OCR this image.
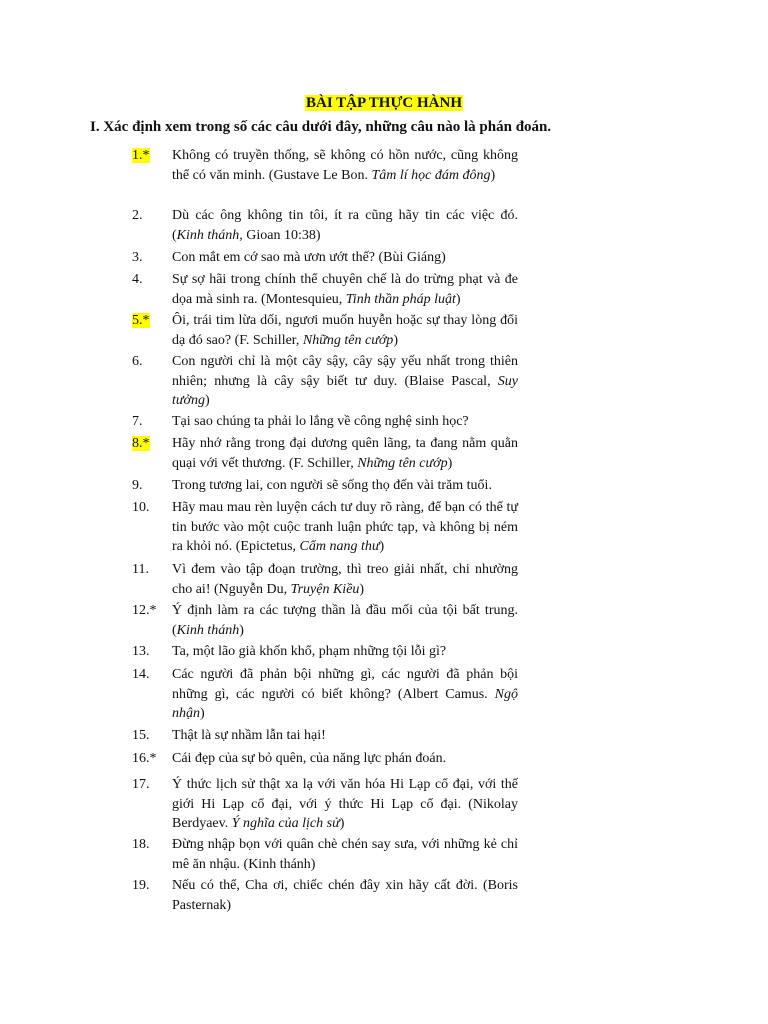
BÀI TẬP THỰC HÀNH
I. Xác định xem trong số các câu dưới đây, những câu nào là phán đoán.
1.* Không có truyền thống, sẽ không có hồn nước, cũng không thể có văn minh. (Gustave Le Bon. Tâm lí học đám đông)
2. Dù các ông không tin tôi, ít ra cũng hãy tin các việc đó. (Kinh thánh, Gioan 10:38)
3. Con mắt em cớ sao mà ươn ướt thế? (Bùi Giáng)
4. Sự sợ hãi trong chính thể chuyên chế là do trừng phạt và đe dọa mà sinh ra. (Montesquieu, Tinh thần pháp luật)
5.* Ôi, trái tim lừa dối, ngươi muốn huyễn hoặc sự thay lòng đổi dạ đó sao? (F. Schiller, Những tên cướp)
6. Con người chỉ là một cây sậy, cây sậy yếu nhất trong thiên nhiên; nhưng là cây sậy biết tư duy. (Blaise Pascal, Suy tưởng)
7. Tại sao chúng ta phải lo lắng về công nghệ sinh học?
8.* Hãy nhớ rằng trong đại dương quên lãng, ta đang nằm quằn quại với vết thương. (F. Schiller, Những tên cướp)
9. Trong tương lai, con người sẽ sống thọ đến vài trăm tuổi.
10. Hãy mau mau rèn luyện cách tư duy rõ ràng, để bạn có thể tự tin bước vào một cuộc tranh luận phức tạp, và không bị ném ra khỏi nó. (Epictetus, Cẩm nang thư)
11. Vì đem vào tập đoạn trường, thì treo giải nhất, chi nhường cho ai! (Nguyễn Du, Truyện Kiều)
12.* Ý định làm ra các tượng thần là đầu mối của tội bất trung. (Kinh thánh)
13. Ta, một lão già khốn khổ, phạm những tội lỗi gì?
14. Các người đã phản bội những gì, các người đã phản bội những gì, các người có biết không? (Albert Camus. Ngộ nhận)
15. Thật là sự nhầm lẫn tai hại!
16.* Cái đẹp của sự bỏ quên, của năng lực phán đoán.
17. Ý thức lịch sử thật xa lạ với văn hóa Hi Lạp cổ đại, với thế giới Hi Lạp cổ đại, với ý thức Hi Lạp cổ đại. (Nikolay Berdyaev. Ý nghĩa của lịch sử)
18. Đừng nhập bọn với quân chè chén say sưa, với những kẻ chỉ mê ăn nhậu. (Kinh thánh)
19. Nếu có thể, Cha ơi, chiếc chén đây xin hãy cất đời. (Boris Pasternak)
